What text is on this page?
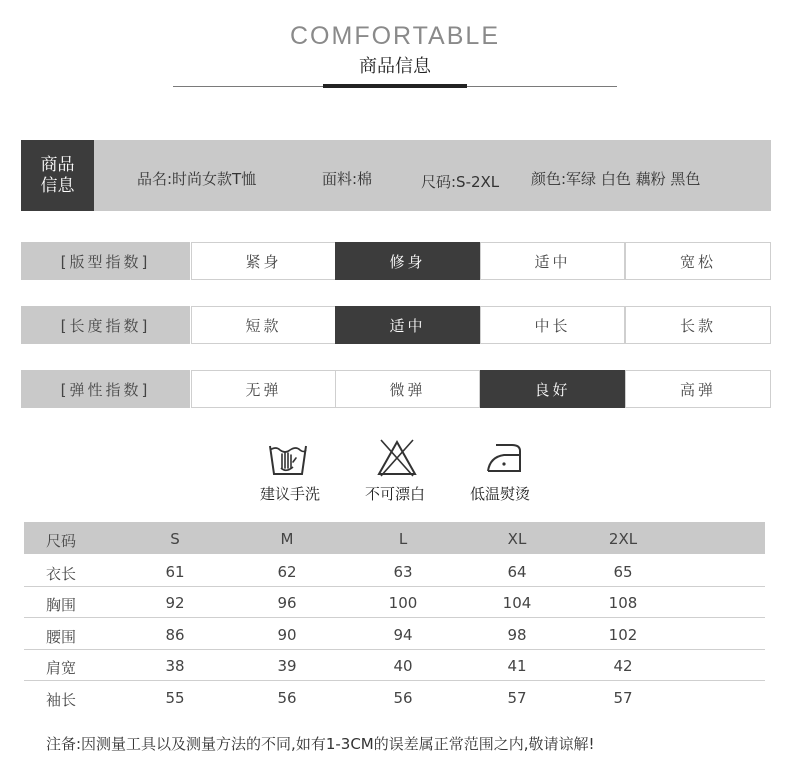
COMFORTABLE
商品信息
商品
信息	品名:时尚女款T恤	面料:棉	尺码:S-2XL 颜色:军绿 白色 藕粉 黑色
[版型指数]	紧身	修身	适中	宽松
[长度指数]	短款	适中	中长	长款
[弹性指数]	无弹	微弹	良好	高弹
建议手洗	不可漂白	低温熨烫
尺码	S	M	L	XL	2XL
衣长	61	62	63	64	65
胸围	92	96	100	104	108
腰围	86	90	94	98	102
肩宽	38	39	40	41	42
袖长	55	56	56	57	57
注备:因测量工具以及测量方法的不同,如有1-3CM的误差属正常范围之内,敬请谅解!
